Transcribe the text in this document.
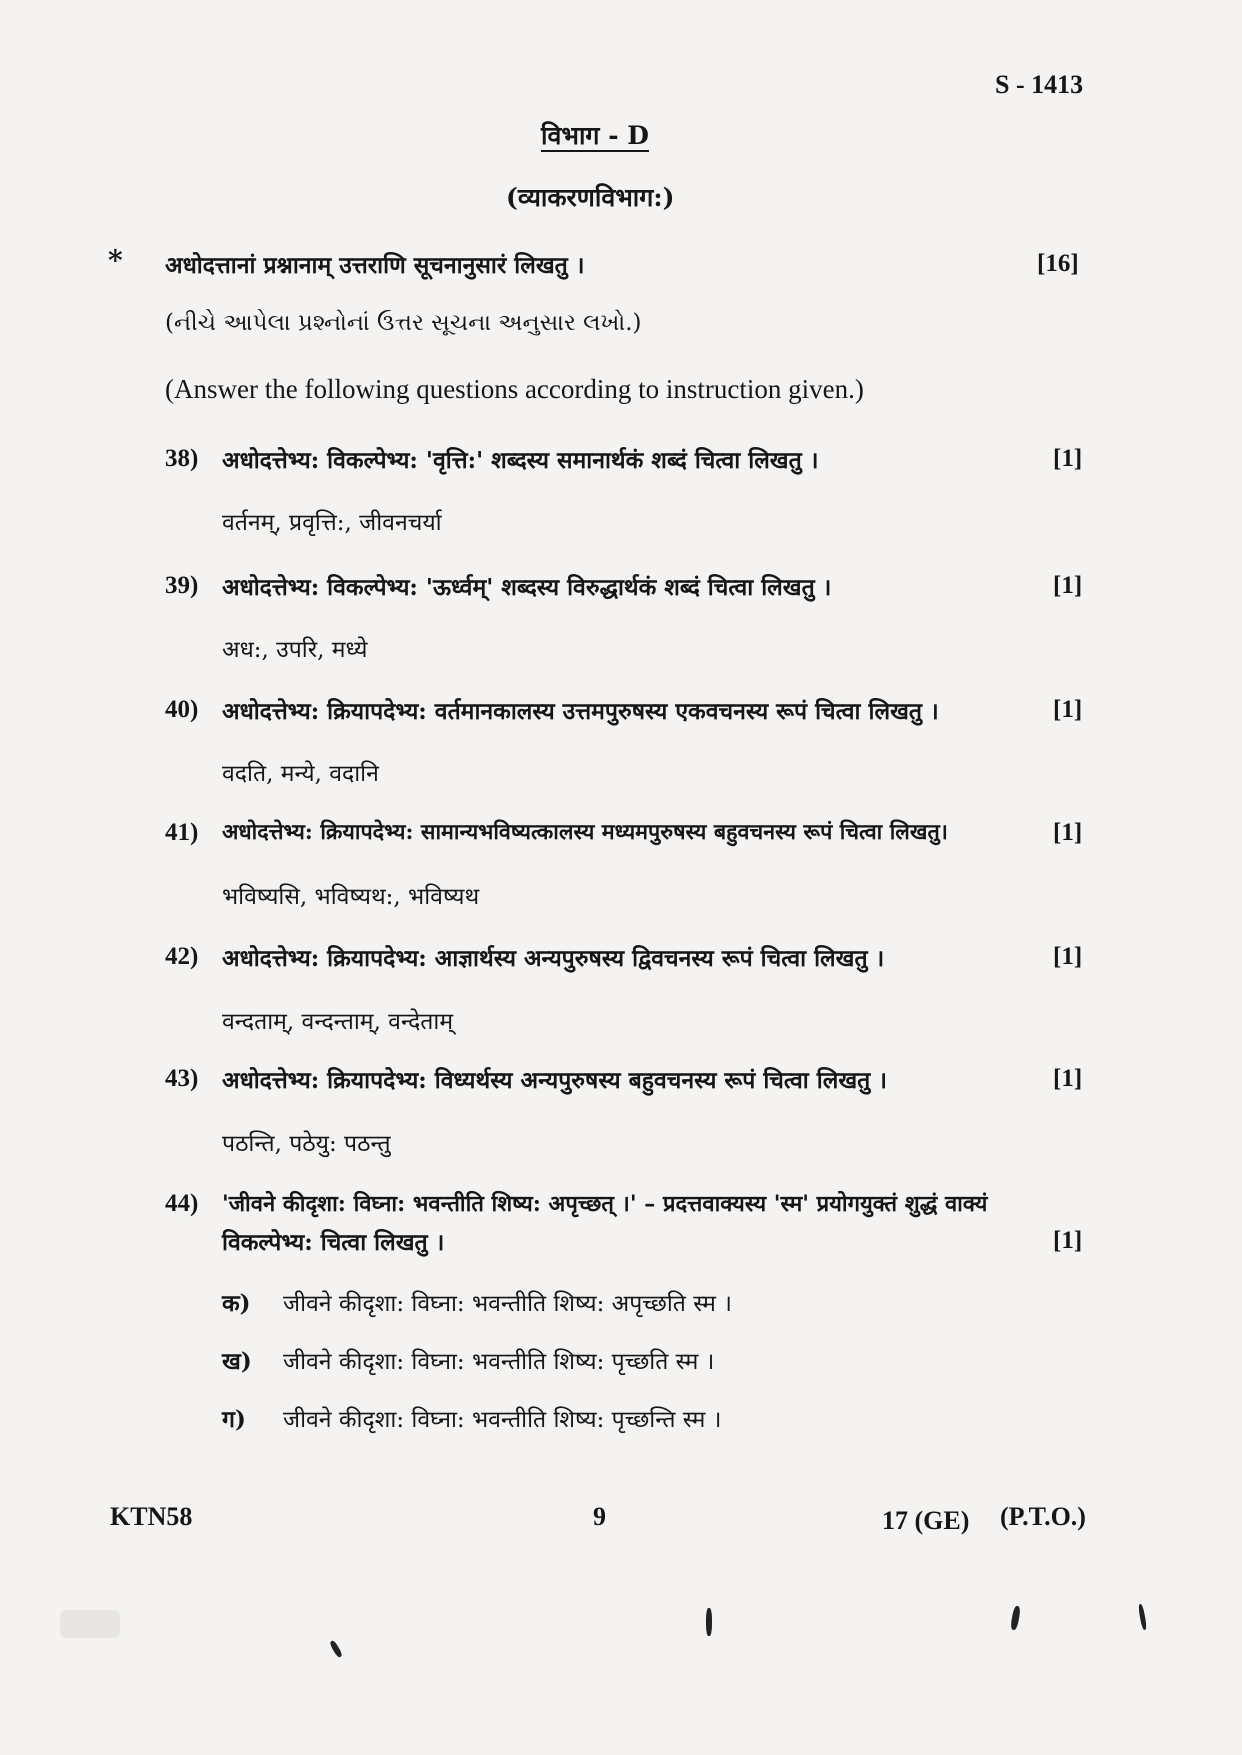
S - 1413
विभाग - D
(व्याकरणविभाग:)
* अधोदत्तानां प्रश्नानाम् उत्तराणि सूचनानुसारं लिखतु ।	[16]
(નીચે આપેલા પ્રશ્નોનાં ઉત્તર સૂચના અનુસાર લખો.)
(Answer the following questions according to instruction given.)
38) अधोदत्तेभ्य: विकल्पेभ्य: 'वृत्ति:' शब्दस्य समानार्थकं शब्दं चित्वा लिखतु ।	[1]
वर्तनम्, प्रवृत्ति:, जीवनचर्या
39) अधोदत्तेभ्य: विकल्पेभ्य: 'ऊर्ध्वम्' शब्दस्य विरुद्धार्थकं शब्दं चित्वा लिखतु ।	[1]
अध:, उपरि, मध्ये
40) अधोदत्तेभ्य: क्रियापदेभ्य: वर्तमानकालस्य उत्तमपुरुषस्य एकवचनस्य रूपं चित्वा लिखतु ।	[1]
वदति, मन्ये, वदानि
41) अधोदत्तेभ्य: क्रियापदेभ्य: सामान्यभविष्यत्कालस्य मध्यमपुरुषस्य बहुवचनस्य रूपं चित्वा लिखतु।	[1]
भविष्यसि, भविष्यथ:, भविष्यथ
42) अधोदत्तेभ्य: क्रियापदेभ्य: आज्ञार्थस्य अन्यपुरुषस्य द्विवचनस्य रूपं चित्वा लिखतु ।	[1]
वन्दताम्, वन्दन्ताम्, वन्देताम्
43) अधोदत्तेभ्य: क्रियापदेभ्य: विध्यर्थस्य अन्यपुरुषस्य बहुवचनस्य रूपं चित्वा लिखतु ।	[1]
पठन्ति, पठेयु: पठन्तु
44) 'जीवने कीदृशा: विघ्ना: भवन्तीति शिष्य: अपृच्छत् ।' – प्रदत्तवाक्यस्य 'स्म' प्रयोगयुक्तं शुद्धं वाक्यं
विकल्पेभ्य: चित्वा लिखतु ।	[1]
क) जीवने कीदृशा: विघ्ना: भवन्तीति शिष्य: अपृच्छति स्म ।
ख) जीवने कीदृशा: विघ्ना: भवन्तीति शिष्य: पृच्छति स्म ।
ग) जीवने कीदृशा: विघ्ना: भवन्तीति शिष्य: पृच्छन्ति स्म ।
KTN58	9	17 (GE) (P.T.O.)
